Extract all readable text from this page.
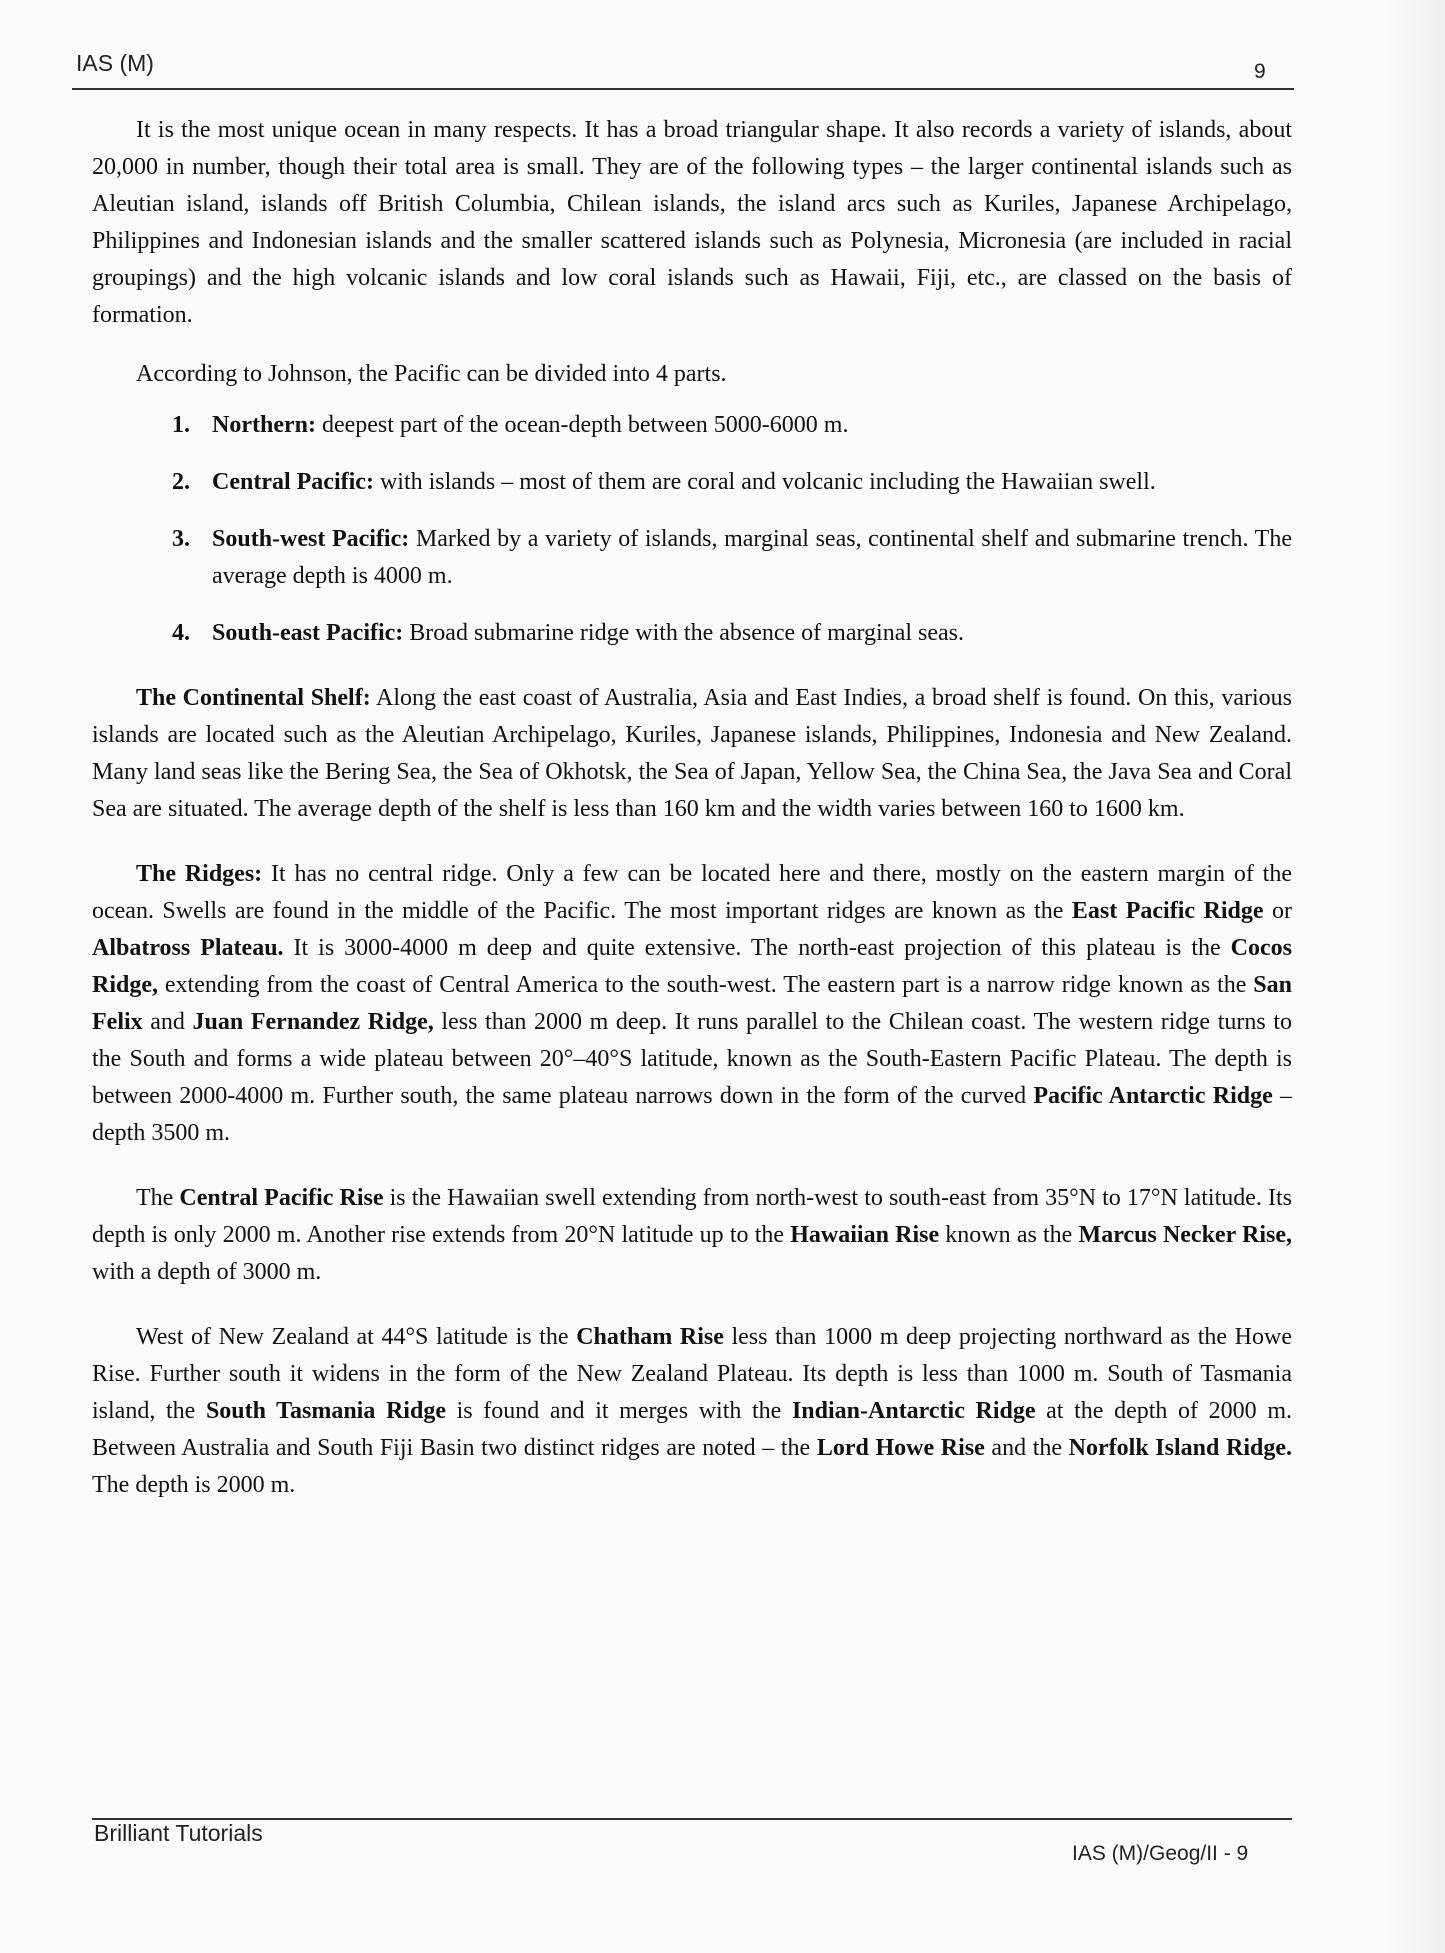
IAS (M)	9

It is the most unique ocean in many respects. It has a broad triangular shape. It also records a variety of islands, about 20,000 in number, though their total area is small. They are of the following types – the larger continental islands such as Aleutian island, islands off British Columbia, Chilean islands, the island arcs such as Kuriles, Japanese Archipelago, Philippines and Indonesian islands and the smaller scattered islands such as Polynesia, Micronesia (are included in racial groupings) and the high volcanic islands and low coral islands such as Hawaii, Fiji, etc., are classed on the basis of formation.

According to Johnson, the Pacific can be divided into 4 parts.

1. Northern: deepest part of the ocean-depth between 5000-6000 m.
2. Central Pacific: with islands – most of them are coral and volcanic including the Hawaiian swell.
3. South-west Pacific: Marked by a variety of islands, marginal seas, continental shelf and submarine trench. The average depth is 4000 m.
4. South-east Pacific: Broad submarine ridge with the absence of marginal seas.

The Continental Shelf: Along the east coast of Australia, Asia and East Indies, a broad shelf is found. On this, various islands are located such as the Aleutian Archipelago, Kuriles, Japanese islands, Philippines, Indonesia and New Zealand. Many land seas like the Bering Sea, the Sea of Okhotsk, the Sea of Japan, Yellow Sea, the China Sea, the Java Sea and Coral Sea are situated. The average depth of the shelf is less than 160 km and the width varies between 160 to 1600 km.

The Ridges: It has no central ridge. Only a few can be located here and there, mostly on the eastern margin of the ocean. Swells are found in the middle of the Pacific. The most important ridges are known as the East Pacific Ridge or Albatross Plateau. It is 3000-4000 m deep and quite extensive. The north-east projection of this plateau is the Cocos Ridge, extending from the coast of Central America to the south-west. The eastern part is a narrow ridge known as the San Felix and Juan Fernandez Ridge, less than 2000 m deep. It runs parallel to the Chilean coast. The western ridge turns to the South and forms a wide plateau between 20°–40°S latitude, known as the South-Eastern Pacific Plateau. The depth is between 2000-4000 m. Further south, the same plateau narrows down in the form of the curved Pacific Antarctic Ridge – depth 3500 m.

The Central Pacific Rise is the Hawaiian swell extending from north-west to south-east from 35°N to 17°N latitude. Its depth is only 2000 m. Another rise extends from 20°N latitude up to the Hawaiian Rise known as the Marcus Necker Rise, with a depth of 3000 m.

West of New Zealand at 44°S latitude is the Chatham Rise less than 1000 m deep projecting northward as the Howe Rise. Further south it widens in the form of the New Zealand Plateau. Its depth is less than 1000 m. South of Tasmania island, the South Tasmania Ridge is found and it merges with the Indian-Antarctic Ridge at the depth of 2000 m. Between Australia and South Fiji Basin two distinct ridges are noted – the Lord Howe Rise and the Norfolk Island Ridge. The depth is 2000 m.

Brilliant Tutorials
IAS (M)/Geog/II - 9
